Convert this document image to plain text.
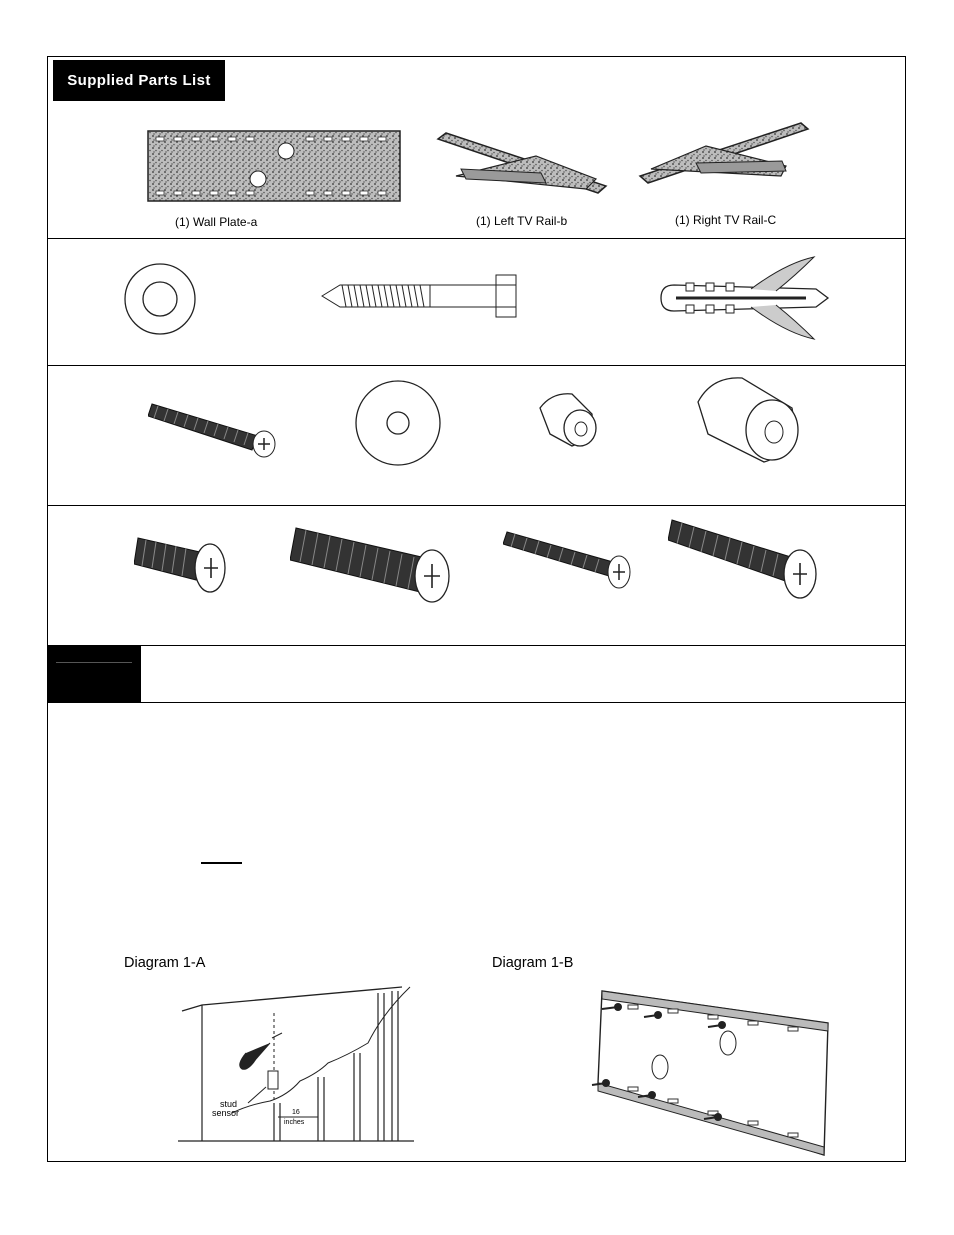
Supplied Parts List
(1) Wall Plate-a	(1) Left TV Rail-b	(1) Right TV Rail-C
Diagram 1-A
stud
sensor	16
inches
Diagram 1-B
